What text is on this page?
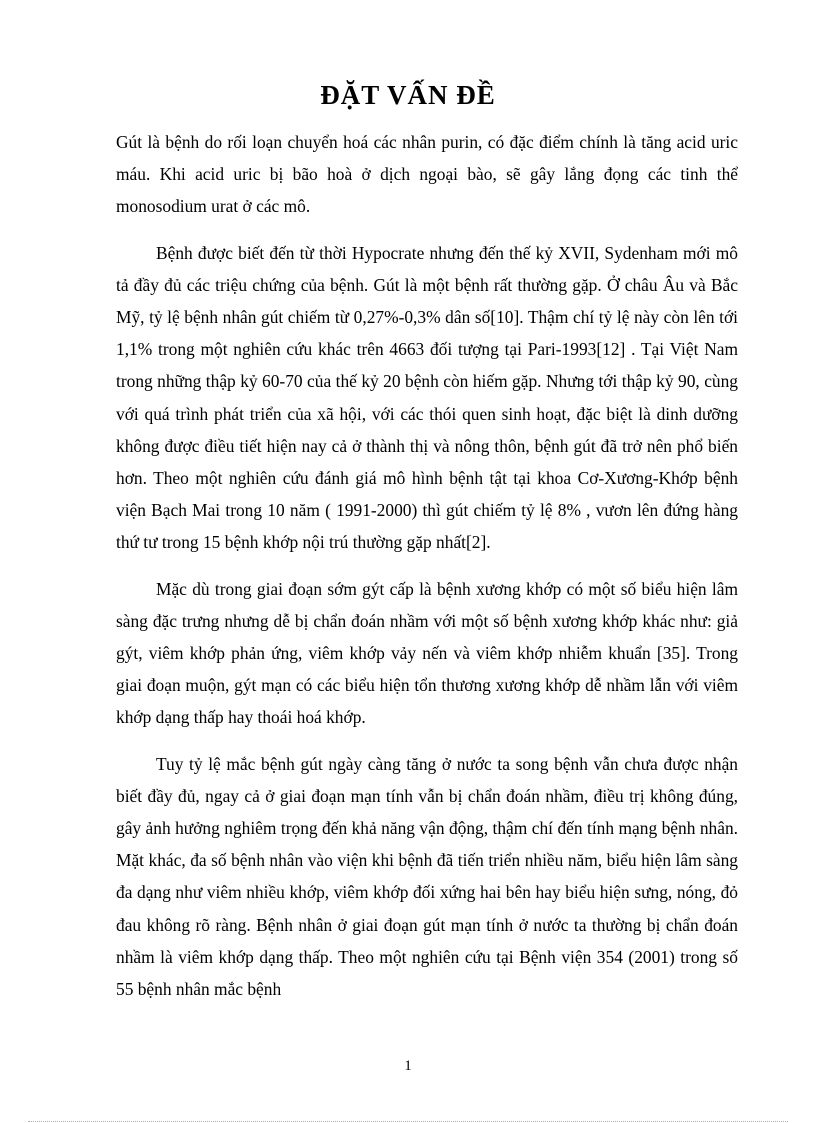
ĐẶT VẤN ĐỀ

Gút là bệnh do rối loạn chuyển hoá các nhân purin, có đặc điểm chính là tăng acid uric máu. Khi acid uric bị bão hoà ở dịch ngoại bào, sẽ gây lắng đọng các tinh thể monosodium urat ở các mô.

Bệnh được biết đến từ thời Hypocrate nhưng đến thế kỷ XVII, Sydenham mới mô tả đầy đủ các triệu chứng của bệnh. Gút là một bệnh rất thường gặp. Ở châu Âu và Bắc Mỹ, tỷ lệ bệnh nhân gút chiếm từ 0,27%-0,3% dân số[10]. Thậm chí tỷ lệ này còn lên tới 1,1% trong một nghiên cứu khác trên 4663 đối tượng tại Pari-1993[12] . Tại Việt Nam trong những thập kỷ 60-70 của thế kỷ 20 bệnh còn hiếm gặp. Nhưng tới thập kỷ 90, cùng với quá trình phát triển của xã hội, với các thói quen sinh hoạt, đặc biệt là dinh dưỡng không được điều tiết hiện nay cả ở thành thị và nông thôn, bệnh gút đã trở nên phổ biến hơn. Theo một nghiên cứu đánh giá mô hình bệnh tật tại khoa Cơ-Xương-Khớp bệnh viện Bạch Mai trong 10 năm ( 1991-2000) thì gút chiếm tỷ lệ 8% , vươn lên đứng hàng thứ tư trong 15 bệnh khớp nội trú thường gặp nhất[2].

Mặc dù trong giai đoạn sớm gýt cấp là bệnh xương khớp có một số biểu hiện lâm sàng đặc trưng nhưng dễ bị chẩn đoán nhầm với một số bệnh xương khớp khác như: giả gýt, viêm khớp phản ứng, viêm khớp vảy nến và viêm khớp nhiễm khuẩn [35]. Trong giai đoạn muộn, gýt mạn có các biểu hiện tổn thương xương khớp dễ nhầm lẫn với viêm khớp dạng thấp hay thoái hoá khớp.

Tuy tỷ lệ mắc bệnh gút ngày càng tăng ở nước ta song bệnh vẫn chưa được nhận biết đầy đủ, ngay cả ở giai đoạn mạn tính vẫn bị chẩn đoán nhầm, điều trị không đúng, gây ảnh hưởng nghiêm trọng đến khả năng vận động, thậm chí đến tính mạng bệnh nhân. Mặt khác, đa số bệnh nhân vào viện khi bệnh đã tiến triển nhiều năm, biểu hiện lâm sàng đa dạng như viêm nhiều khớp, viêm khớp đối xứng hai bên hay biểu hiện sưng, nóng, đỏ đau không rõ ràng. Bệnh nhân ở giai đoạn gút mạn tính ở nước ta thường bị chẩn đoán nhầm là viêm khớp dạng thấp. Theo một nghiên cứu tại Bệnh viện 354 (2001) trong số 55 bệnh nhân mắc bệnh

1
